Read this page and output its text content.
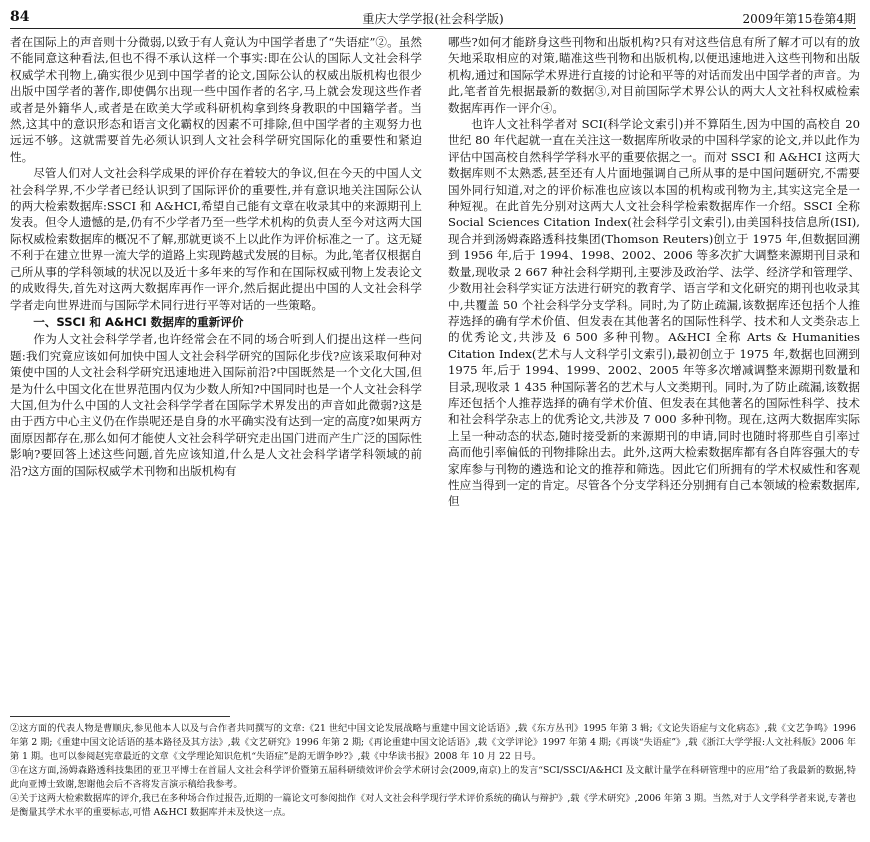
84	重庆大学学报(社会科学版)	2009年第15卷第4期

者在国际上的声音则十分微弱,以致于有人竟认为中国学者患了“失语症”②。虽然不能同意这种看法,但也不得不承认这样一个事实:即在公认的国际人文社会科学权威学术刊物上,确实很少见到中国学者的论文,国际公认的权威出版机构也很少出版中国学者的著作,即使偶尔出现一些中国作者的名字,马上就会发现这些作者或者是外籍华人,或者是在欧美大学或科研机构拿到终身教职的中国籍学者。当然,这其中的意识形态和语言文化霸权的因素不可排除,但中国学者的主观努力也远远不够。这就需要首先必须认识到人文社会科学研究国际化的重要性和紧迫性。

尽管人们对人文社会科学成果的评价存在着较大的争议,但在今天的中国人文社会科学界,不少学者已经认识到了国际评价的重要性,并有意识地关注国际公认的两大检索数据库:SSCI 和 A&HCI,希望自己能有文章在收录其中的来源期刊上发表。但令人遗憾的是,仍有不少学者乃至一些学术机构的负责人至今对这两大国际权威检索数据库的概况不了解,那就更谈不上以此作为评价标准之一了。这无疑不利于在建立世界一流大学的道路上实现跨越式发展的目标。为此,笔者仅根据自己所从事的学科领域的状况以及近十多年来的写作和在国际权威刊物上发表论文的成败得失,首先对这两大数据库再作一评介,然后据此提出中国的人文社会科学学者走向世界进而与国际学术同行进行平等对话的一些策略。

一、SSCI 和 A&HCI 数据库的重新评价

作为人文社会科学学者,也许经常会在不同的场合听到人们提出这样一些问题:我们究竟应该如何加快中国人文社会科学研究的国际化步伐?应该采取何种对策使中国的人文社会科学研究迅速地进入国际前沿?中国既然是一个文化大国,但是为什么中国文化在世界范围内仅为少数人所知?中国同时也是一个人文社会科学大国,但为什么中国的人文社会科学学者在国际学术界发出的声音如此微弱?这是由于西方中心主义仍在作祟呢还是自身的水平确实没有达到一定的高度?如果两方面原因都存在,那么如何才能使人文社会科学研究走出国门进而产生广泛的国际性影响?要回答上述这些问题,首先应该知道,什么是人文社会科学诸学科领域的前沿?这方面的国际权威学术刊物和出版机构有

哪些?如何才能跻身这些刊物和出版机构?只有对这些信息有所了解才可以有的放矢地采取相应的对策,瞄准这些刊物和出版机构,以便迅速地进入这些刊物和出版机构,通过和国际学术界进行直接的讨论和平等的对话而发出中国学者的声音。为此,笔者首先根据最新的数据③,对目前国际学术界公认的两大人文社科权威检索数据库再作一评介④。

也许人文社科学者对 SCI(科学论文索引)并不算陌生,因为中国的高校自 20 世纪 80 年代起就一直在关注这一数据库所收录的中国科学家的论文,并以此作为评估中国高校自然科学学科水平的重要依据之一。而对 SSCI 和 A&HCI 这两大数据库则不太熟悉,甚至还有人片面地强调自己所从事的是中国问题研究,不需要国外同行知道,对之的评价标准也应该以本国的机构或刊物为主,其实这完全是一种短视。在此首先分别对这两大人文社会科学检索数据库作一介绍。SSCI 全称 Social Sciences Citation Index(社会科学引文索引),由美国科技信息所(ISI),现合并到汤姆森路透科技集团(Thomson Reuters)创立于 1975 年,但数据回溯到 1956 年,后于 1994、1998、2002、2006 等多次扩大调整来源期刊目录和数量,现收录 2 667 种社会科学期刊,主要涉及政治学、法学、经济学和管理学、少数用社会科学实证方法进行研究的教育学、语言学和文化研究的期刊也收录其中,共覆盖 50 个社会科学分支学科。同时,为了防止疏漏,该数据库还包括个人推荐选择的确有学术价值、但发表在其他著名的国际性科学、技术和人文类杂志上的优秀论文,共涉及 6 500 多种刊物。A&HCI 全称 Arts & Humanities Citation Index(艺术与人文科学引文索引),最初创立于 1975 年,数据也回溯到 1975 年,后于 1994、1999、2002、2005 年等多次增减调整来源期刊数量和目录,现收录 1 435 种国际著名的艺术与人文类期刊。同时,为了防止疏漏,该数据库还包括个人推荐选择的确有学术价值、但发表在其他著名的国际性科学、技术和社会科学杂志上的优秀论文,共涉及 7 000 多种刊物。现在,这两大数据库实际上呈一种动态的状态,随时接受新的来源期刊的申请,同时也随时将那些自引率过高而他引率偏低的刊物排除出去。此外,这两大检索数据库都有各自阵容强大的专家库参与刊物的遴选和论文的推荐和筛选。因此它们所拥有的学术权威性和客观性应当得到一定的肯定。尽管各个分支学科还分别拥有自己本领域的检索数据库,但

②这方面的代表人物是曹顺庆,参见他本人以及与合作者共同撰写的文章:《21 世纪中国文论发展战略与重建中国文论话语》,载《东方丛刊》1995 年第 3 辑;《文论失语症与文化病态》,载《文艺争鸣》1996 年第 2 期;《重建中国文论话语的基本路径及其方法》,载《文艺研究》1996 年第 2 期;《再论重建中国文论话语》,载《文学评论》1997 年第 4 期;《再谈“失语症”》,载《浙江大学学报:人文社科版》2006 年第 1 期。也可以参阅赵宪章最近的文章《文学理论知识危机“失语症”是韵无谓争吵?》,载《中华读书报》2008 年 10 月 22 日号。

③在这方面,汤姆森路透科技集团的亚卫平博士在首届人文社会科学评价暨第五届科研绩效评价会学术研讨会(2009,南京)上的发言“SCI/SSCI/A&HCI 及文献计量学在科研管理中的应用”给了我最新的数据,特此向亚博士致谢,恕谢他会后不吝将发言演示稿给我参考。

④关于这两大检索数据库的评介,我已在多种场合作过报告,近期的一篇论文可参阅拙作《对人文社会科学现行学术评价系统的确认与辩护》,载《学术研究》,2006 年第 3 期。当然,对于人文学科学者来说,专著也是衡量其学术水平的重要标志,可惜 A&HCI 数据库并未及快这一点。
